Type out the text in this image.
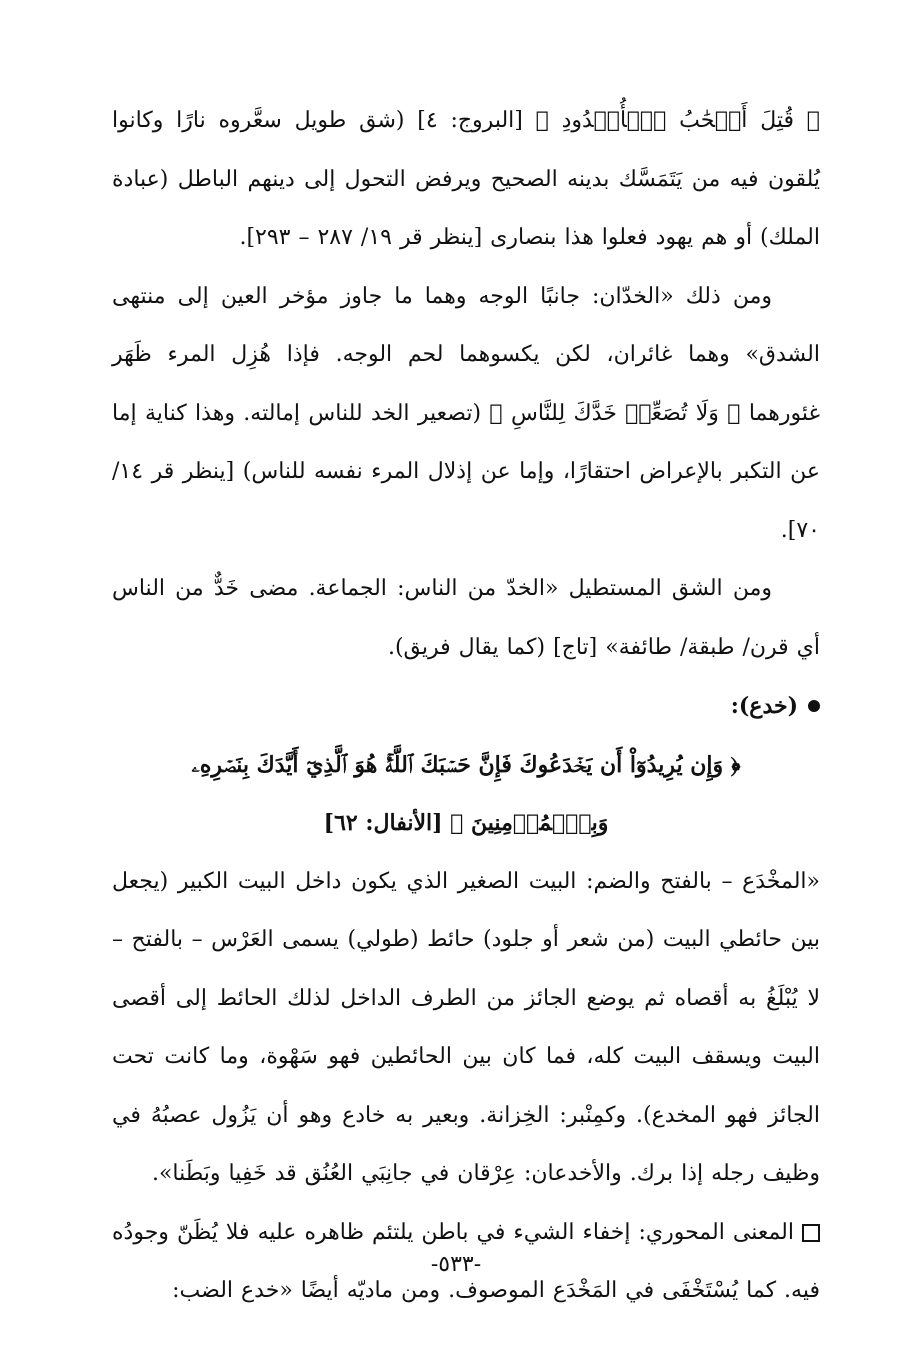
﴿ قُتِلَ أَصۡحَٰبُ ٱلۡأُخۡدُودِ ﴾ [البروج: ٤] (شق طويل سعَّروه نارًا وكانوا يُلقون فيه من يَتَمَسَّك بدينه الصحيح ويرفض التحول إلى دينهم الباطل (عبادة الملك) أو هم يهود فعلوا هذا بنصارى [ينظر قر ١٩/ ٢٨٧ – ٢٩٣].

ومن ذلك «الخدّان: جانبًا الوجه وهما ما جاوز مؤخر العين إلى منتهى الشدق» وهما غائران، لكن يكسوهما لحم الوجه. فإذا هُزِل المرء ظَهَر غئورهما ﴿ وَلَا تُصَعِّرۡ خَدَّكَ لِلنَّاسِ ﴾ (تصعير الخد للناس إمالته. وهذا كناية إما عن التكبر بالإعراض احتقارًا، وإما عن إذلال المرء نفسه للناس) [ينظر قر ١٤/ ٧٠].

ومن الشق المستطيل «الخدّ من الناس: الجماعة. مضى خَدٌّ من الناس أي قرن/ طبقة/ طائفة» [تاج] (كما يقال فريق).

(خدع):

﴿ وَإِن يُرِيدُوٓاْ أَن يَخۡدَعُوكَ فَإِنَّ حَسۡبَكَ ٱللَّهُۚ هُوَ ٱلَّذِيٓ أَيَّدَكَ بِنَصۡرِهِۦ

وَبِٱلۡمُؤۡمِنِينَ ﴾ [الأنفال: ٦٢]

«المخْدَع – بالفتح والضم: البيت الصغير الذي يكون داخل البيت الكبير (يجعل بين حائطي البيت (من شعر أو جلود) حائط (طولي) يسمى العَرْس – بالفتح – لا يُبْلَغُ به أقصاه ثم يوضع الجائز من الطرف الداخل لذلك الحائط إلى أقصى البيت ويسقف البيت كله، فما كان بين الحائطين فهو سَهْوة، وما كانت تحت الجائز فهو المخدع). وكمِنْبر: الخِزانة. وبعير به خادع وهو أن يَزُول عصبُهُ في وظيف رجله إذا برك. والأخدعان: عِرْقان في جانِبَي العُنُق قد خَفِيا وبَطَنا».

المعنى المحوري: إخفاء الشيء في باطن يلتئم ظاهره عليه فلا يُظَنّ وجودُه فيه. كما يُسْتَخْفَى في المَخْدَع الموصوف. ومن ماديّه أيضًا «خدع الضب:

-٥٣٣-
